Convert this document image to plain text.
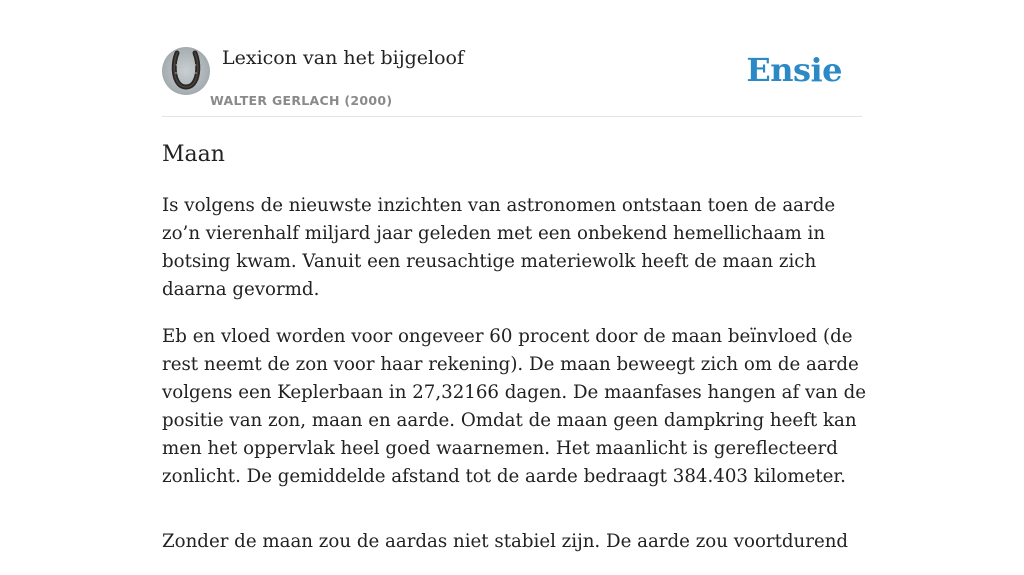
Lexicon van het bijgeloof
WALTER GERLACH (2000)
Ensie
Maan

Is volgens de nieuwste inzichten van astronomen ontstaan toen de aarde zo’n vierenhalf miljard jaar geleden met een onbekend hemellichaam in botsing kwam. Vanuit een reusachtige materiewolk heeft de maan zich daarna gevormd.

Eb en vloed worden voor ongeveer 60 procent door de maan beïnvloed (de rest neemt de zon voor haar rekening). De maan beweegt zich om de aarde volgens een Keplerbaan in 27,32166 dagen. De maanfases hangen af van de positie van zon, maan en aarde. Omdat de maan geen dampkring heeft kan men het oppervlak heel goed waarnemen. Het maanlicht is gereflecteerd zonlicht. De gemiddelde afstand tot de aarde bedraagt 384.403 kilometer.

Zonder de maan zou de aardas niet stabiel zijn. De aarde zou voortdurend
